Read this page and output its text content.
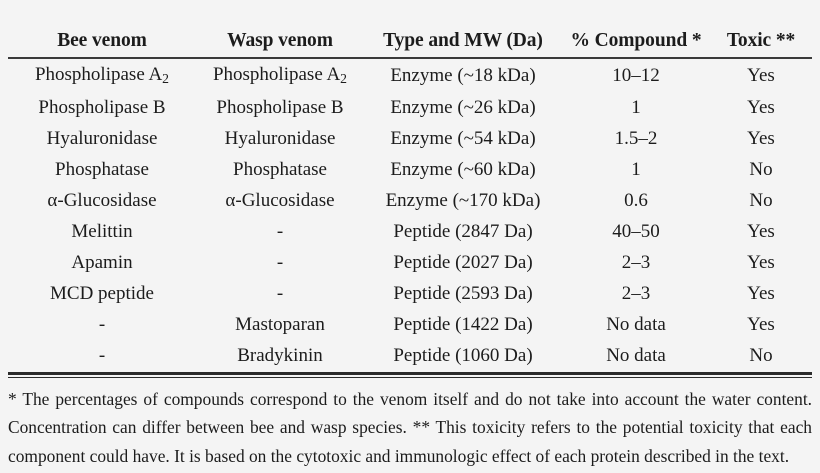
Bee venom	Wasp venom	Type and MW (Da)	% Compound *	Toxic **
Phospholipase $A_2$	Phospholipase $A_2$	Enzyme (~18 kDa)	10–12	Yes
Phospholipase B	Phospholipase B	Enzyme (~26 kDa)	1	Yes
Hyaluronidase	Hyaluronidase	Enzyme (~54 kDa)	1.5–2	Yes
Phosphatase	Phosphatase	Enzyme (~60 kDa)	1	No
α-Glucosidase	α-Glucosidase	Enzyme (~170 kDa)	0.6	No
Melittin	-	Peptide (2847 Da)	40–50	Yes
Apamin	-	Peptide (2027 Da)	2–3	Yes
MCD peptide	-	Peptide (2593 Da)	2–3	Yes
-	Mastoparan	Peptide (1422 Da)	No data	Yes
-	Bradykinin	Peptide (1060 Da)	No data	No
* The percentages of compounds correspond to the venom itself and do not take into account the water content. Concentration can differ between bee and wasp species. ** This toxicity refers to the potential toxicity that each component could have. It is based on the cytotoxic and immunologic effect of each protein described in the text.
